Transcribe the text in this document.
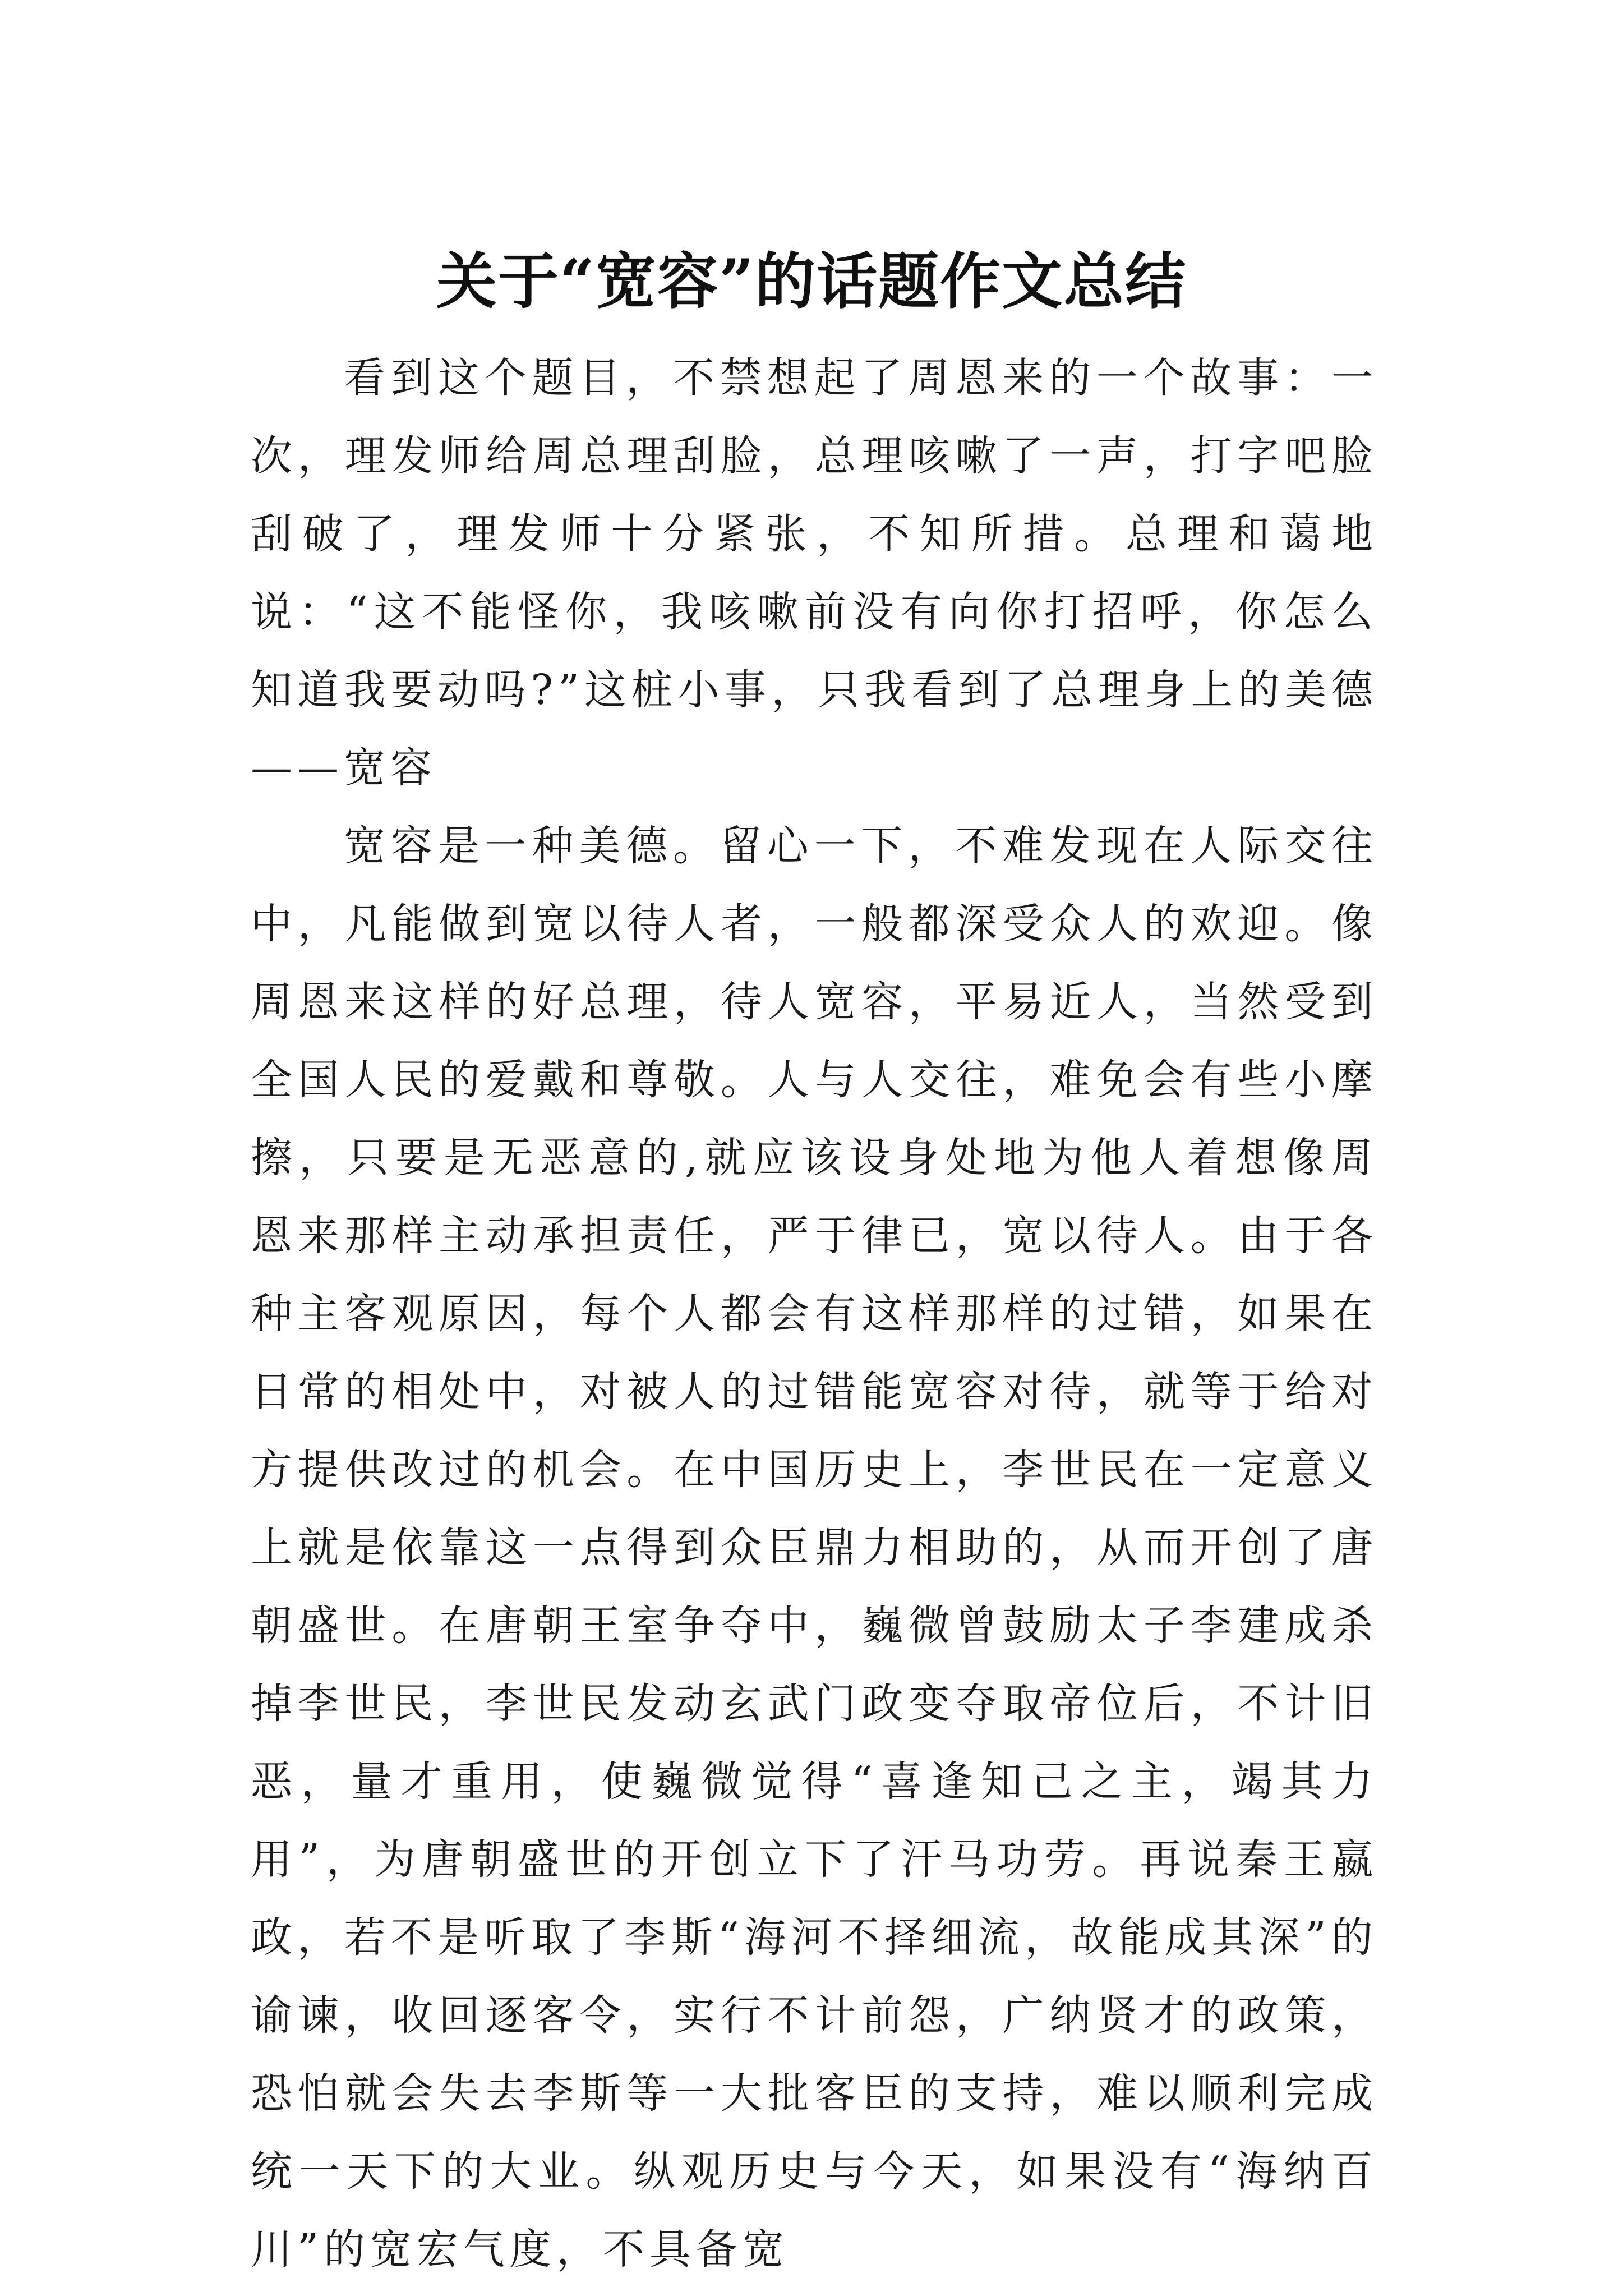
关于“宽容”的话题作文总结

看到这个题目，不禁想起了周恩来的一个故事：一次，理发师给周总理刮脸，总理咳嗽了一声，打字吧脸刮破了，理发师十分紧张，不知所措。总理和蔼地说：“这不能怪你，我咳嗽前没有向你打招呼，你怎么知道我要动吗?”这桩小事，只我看到了总理身上的美德——宽容

宽容是一种美德。留心一下，不难发现在人际交往中，凡能做到宽以待人者，一般都深受众人的欢迎。像周恩来这样的好总理，待人宽容，平易近人，当然受到全国人民的爱戴和尊敬。人与人交往，难免会有些小摩擦，只要是无恶意的,就应该设身处地为他人着想像周恩来那样主动承担责任，严于律已，宽以待人。由于各种主客观原因，每个人都会有这样那样的过错，如果在日常的相处中，对被人的过错能宽容对待，就等于给对方提供改过的机会。在中国历史上，李世民在一定意义上就是依靠这一点得到众臣鼎力相助的，从而开创了唐朝盛世。在唐朝王室争夺中，巍微曾鼓励太子李建成杀掉李世民，李世民发动玄武门政变夺取帝位后，不计旧恶，量才重用，使巍微觉得“喜逢知己之主，竭其力用”，为唐朝盛世的开创立下了汗马功劳。再说秦王嬴政，若不是听取了李斯“海河不择细流，故能成其深”的谕谏，收回逐客令，实行不计前怨，广纳贤才的政策，恐怕就会失去李斯等一大批客臣的支持，难以顺利完成统一天下的大业。纵观历史与今天，如果没有“海纳百川”的宽宏气度，不具备宽
